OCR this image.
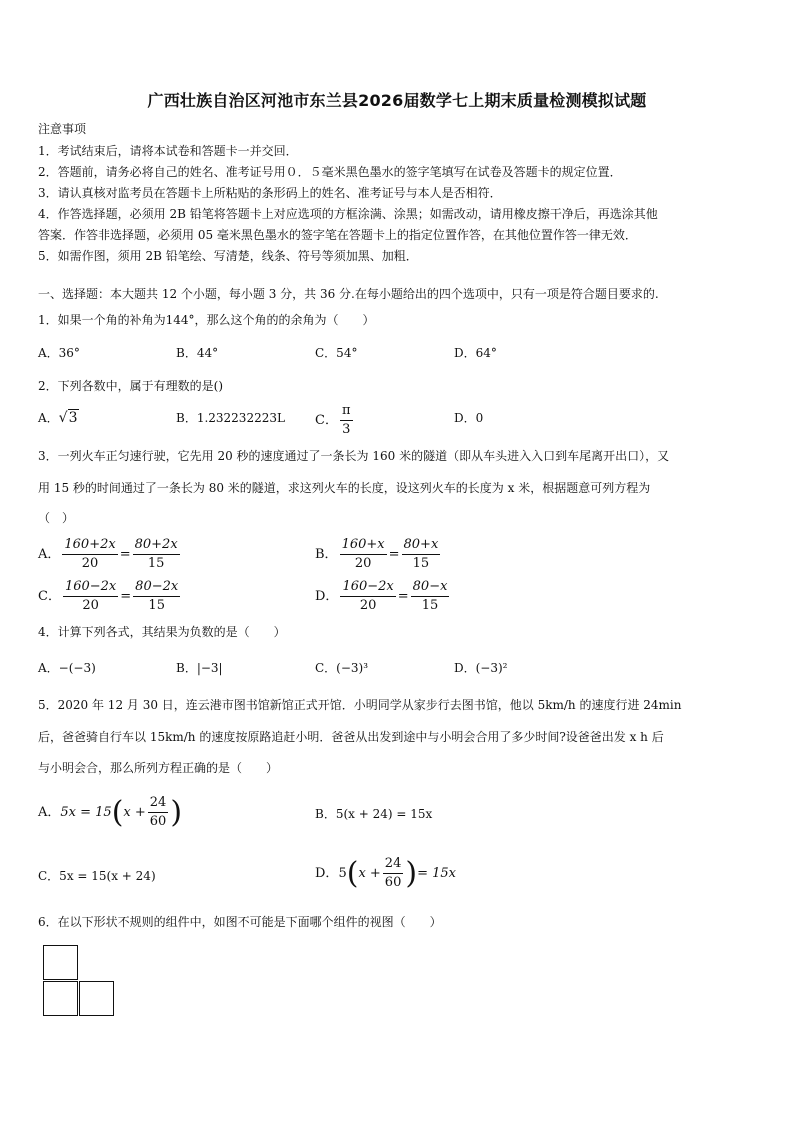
广西壮族自治区河池市东兰县2026届数学七上期末质量检测模拟试题
注意事项
1．考试结束后，请将本试卷和答题卡一并交回．
2．答题前，请务必将自己的姓名、准考证号用０．５毫米黑色墨水的签字笔填写在试卷及答题卡的规定位置．
3．请认真核对监考员在答题卡上所粘贴的条形码上的姓名、准考证号与本人是否相符．
4．作答选择题，必须用 2B 铅笔将答题卡上对应选项的方框涂满、涂黑；如需改动，请用橡皮擦干净后，再选涂其他
答案．作答非选择题，必须用 05 毫米黑色墨水的签字笔在答题卡上的指定位置作答，在其他位置作答一律无效．
5．如需作图，须用 2B 铅笔绘、写清楚，线条、符号等须加黑、加粗．
一、选择题：本大题共 12 个小题，每小题 3 分，共 36 分.在每小题给出的四个选项中，只有一项是符合题目要求的.
1．如果一个角的补角为144°，那么这个角的的余角为（　　）
A．36°	B．44°	C．54°	D．64°
2．下列各数中，属于有理数的是()
A．√3	B．1.232232223L C． $\frac{\pi}{3}$	D．0
3．一列火车正匀速行驶，它先用 20 秒的速度通过了一条长为 160 米的隧道（即从车头进入入口到车尾离开出口），又
用 15 秒的时间通过了一条长为 80 米的隧道，求这列火车的长度，设这列火车的长度为 x 米，根据题意可列方程为
（　）
A． $\frac{160+2x}{20} = \frac{80+2x}{15}$	B． $\frac{160+x}{20} = \frac{80+x}{15}$
C． $\frac{160-2x}{20} = \frac{80-2x}{15}$	D． $\frac{160-2x}{20} = \frac{80-x}{15}$
4．计算下列各式，其结果为负数的是（　　）
A．−(−3)	B．|−3|	C．(−3)³	D．(−3)²
5．2020 年 12 月 30 日，连云港市图书馆新馆正式开馆．小明同学从家步行去图书馆，他以 5km/h 的速度行进 24min
后，爸爸骑自行车以 15km/h 的速度按原路追赶小明．爸爸从出发到途中与小明会合用了多少时间?设爸爸出发 x h 后
与小明会合，那么所列方程正确的是（　　）
A． 5x = 15 ( $x + \frac{24}{60}$ )	B．5(x + 24) = 15x
C．5x = 15(x + 24)	D． 5 ( $x + \frac{24}{60}$ ) = 15x
6．在以下形状不规则的组件中，如图不可能是下面哪个组件的视图（　　）
